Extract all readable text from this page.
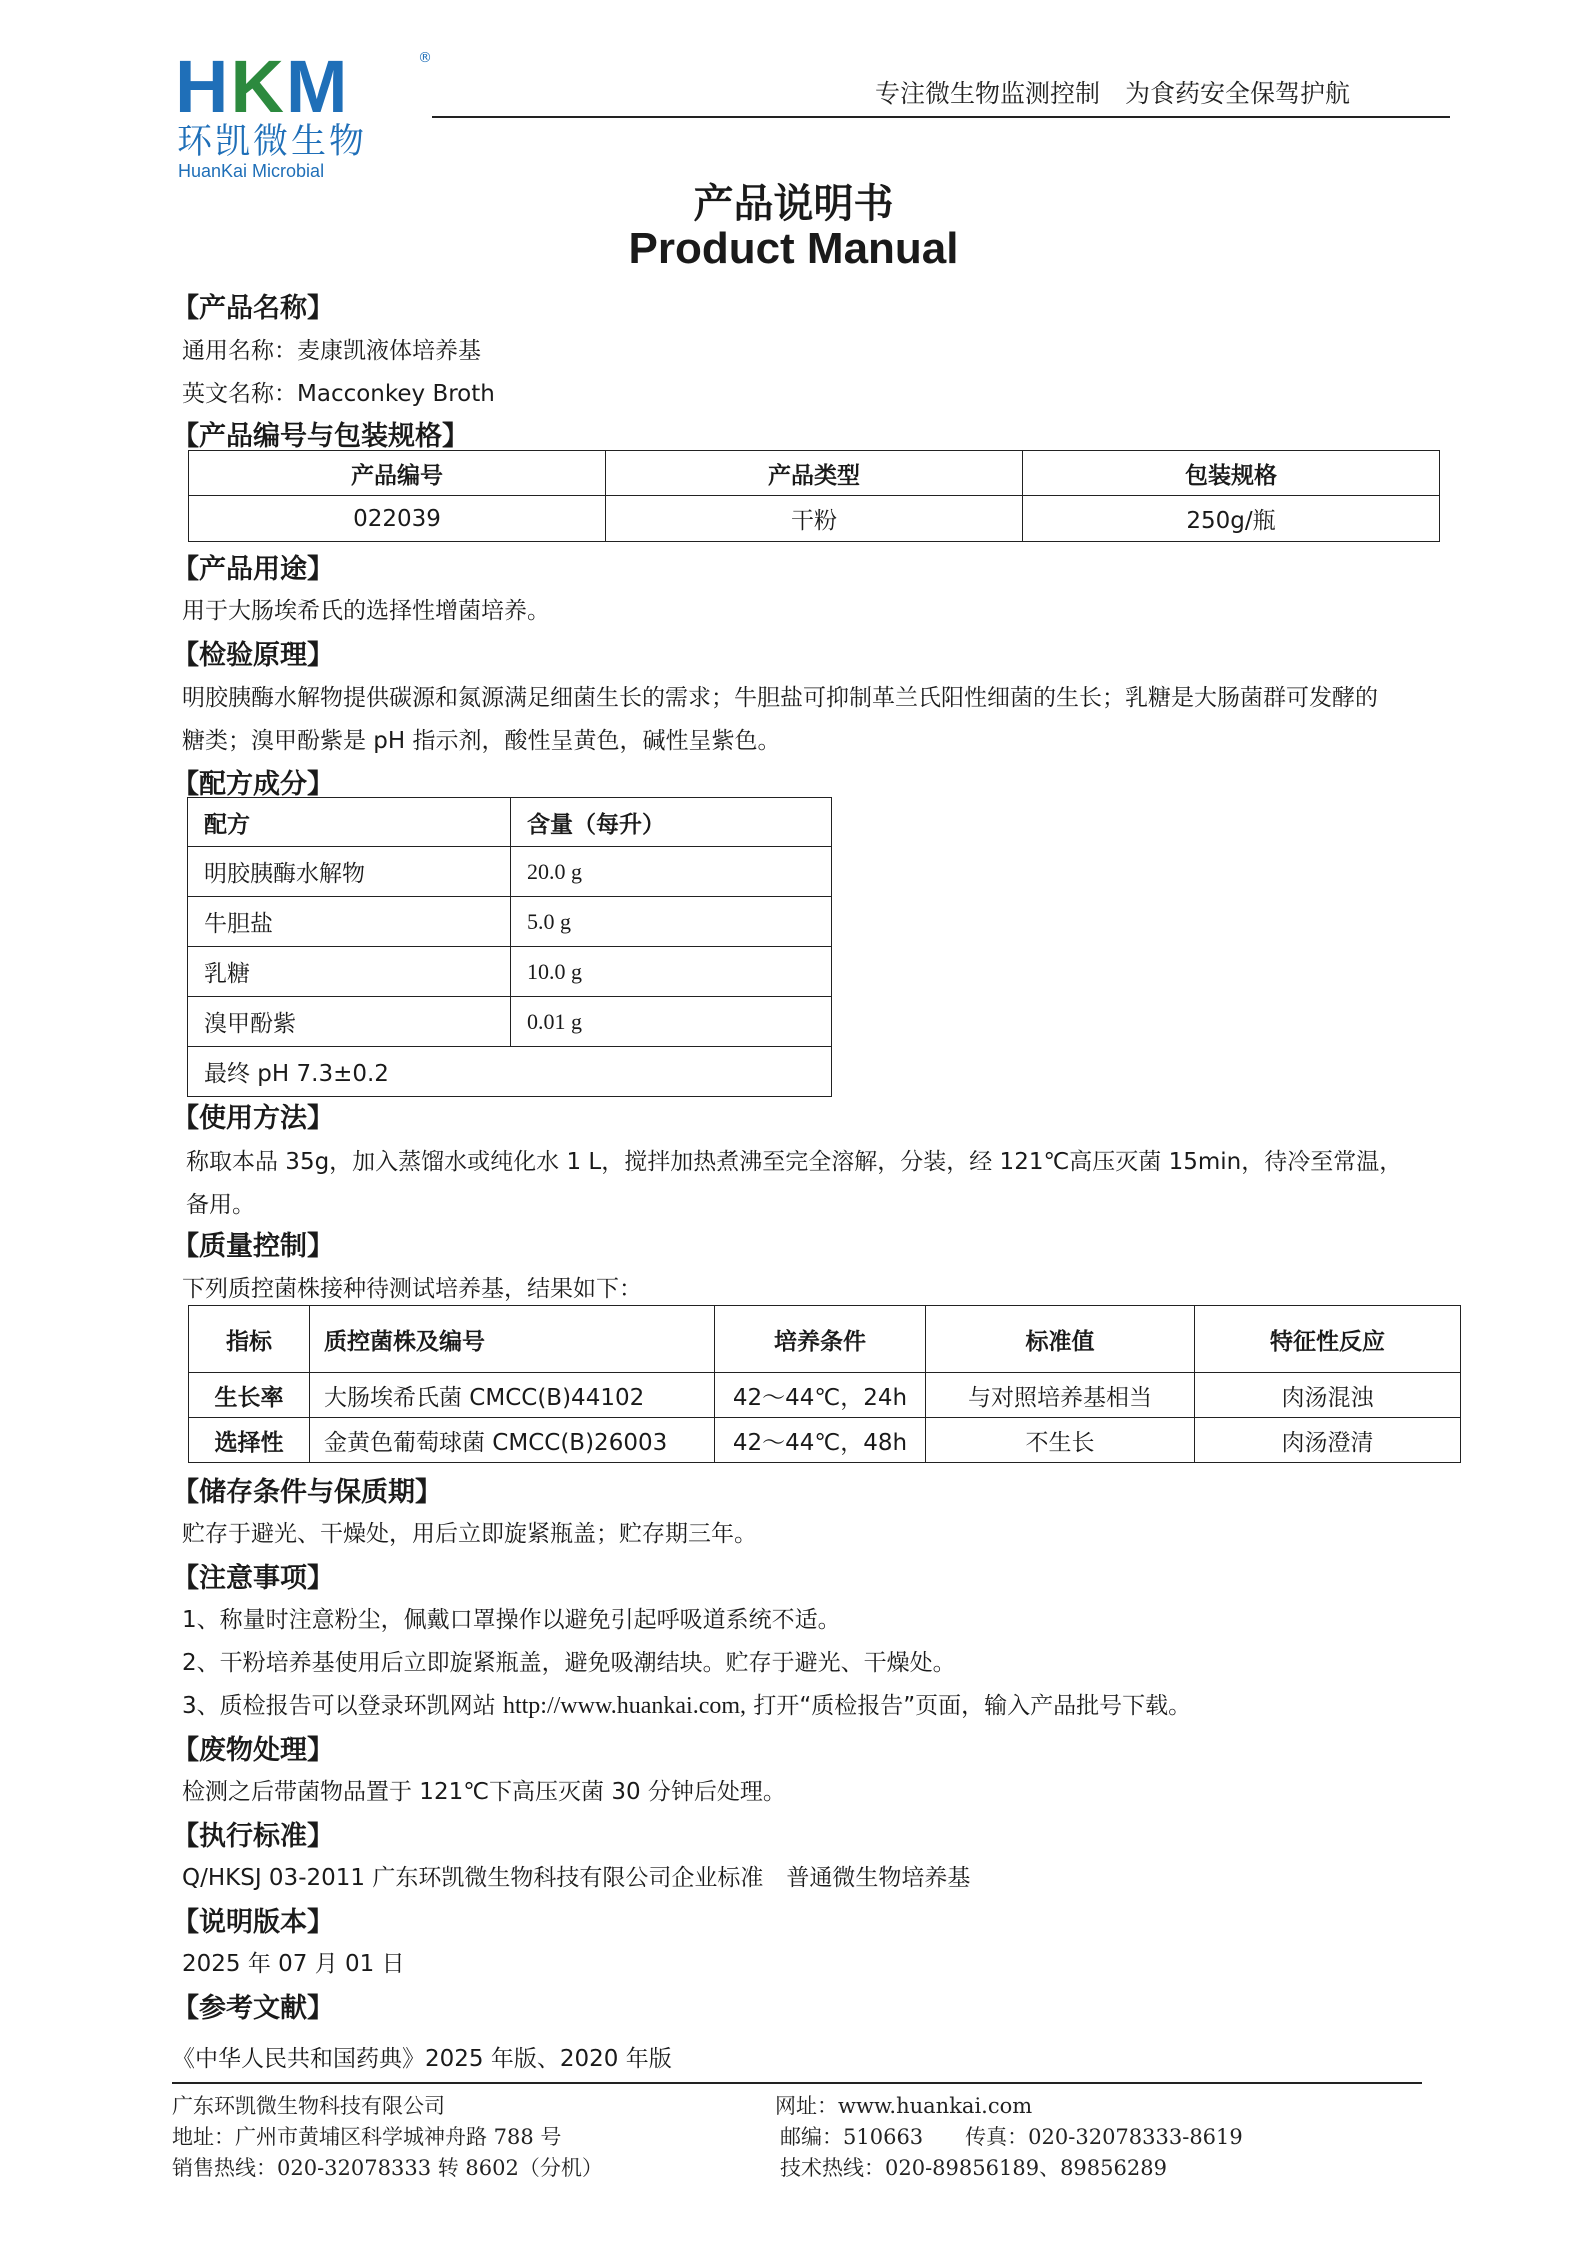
HKM	®
环凯微生物
HuanKai Microbial
专注微生物监测控制　为食药安全保驾护航
产品说明书
Product Manual
【产品名称】
通用名称：麦康凯液体培养基
英文名称：Macconkey Broth
【产品编号与包装规格】
产品编号	产品类型	包装规格
022039	干粉	250g/瓶
【产品用途】
用于大肠埃希氏的选择性增菌培养。
【检验原理】
明胶胰酶水解物提供碳源和氮源满足细菌生长的需求；牛胆盐可抑制革兰氏阳性细菌的生长；乳糖是大肠菌群可发酵的
糖类；溴甲酚紫是 pH 指示剂，酸性呈黄色，碱性呈紫色。
【配方成分】
配方	含量（每升）
明胶胰酶水解物	20.0 g
牛胆盐	5.0 g
乳糖	10.0 g
溴甲酚紫	0.01 g
最终 pH 7.3±0.2	
【使用方法】
称取本品 35g，加入蒸馏水或纯化水 1 L，搅拌加热煮沸至完全溶解，分装，经 121℃高压灭菌 15min，待冷至常温，
备用。
【质量控制】
下列质控菌株接种待测试培养基，结果如下：
指标	质控菌株及编号	培养条件	标准值	特征性反应
生长率	大肠埃希氏菌 CMCC(B)44102	42～44℃，24h	与对照培养基相当	肉汤混浊
选择性	金黄色葡萄球菌 CMCC(B)26003	42～44℃，48h	不生长	肉汤澄清
【储存条件与保质期】
贮存于避光、干燥处，用后立即旋紧瓶盖；贮存期三年。
【注意事项】
1、称量时注意粉尘，佩戴口罩操作以避免引起呼吸道系统不适。
2、干粉培养基使用后立即旋紧瓶盖，避免吸潮结块。贮存于避光、干燥处。
3、质检报告可以登录环凯网站 http://www.huankai.com, 打开“质检报告”页面，输入产品批号下载。
【废物处理】
检测之后带菌物品置于 121℃下高压灭菌 30 分钟后处理。
【执行标准】
Q/HKSJ 03-2011 广东环凯微生物科技有限公司企业标准　普通微生物培养基
【说明版本】
2025 年 07 月 01 日
【参考文献】
《中华人民共和国药典》2025 年版、2020 年版
广东环凯微生物科技有限公司
地址：广州市黄埔区科学城神舟路 788 号
销售热线：020-32078333 转 8602（分机）
网址：www.huankai.com
邮编：510663　　传真：020-32078333-8619
技术热线：020-89856189、89856289
